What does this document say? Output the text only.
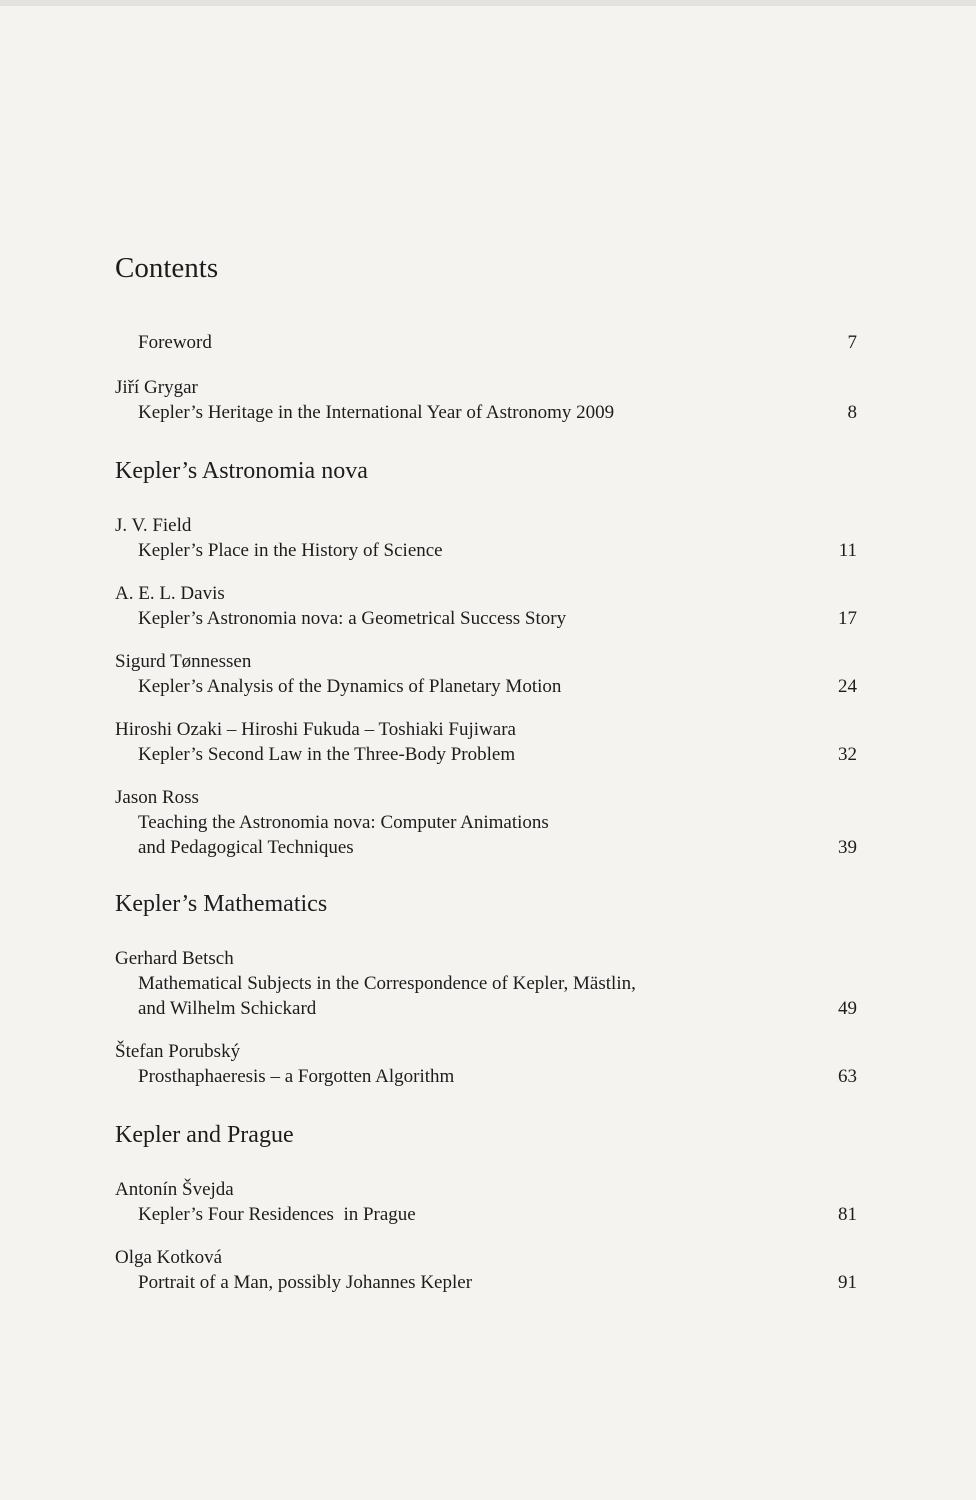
Contents
Foreword	7
Jiří Grygar
Kepler’s Heritage in the International Year of Astronomy 2009	8
Kepler’s Astronomia nova
J. V. Field
Kepler’s Place in the History of Science	11
A. E. L. Davis
Kepler’s Astronomia nova: a Geometrical Success Story	17
Sigurd Tønnessen
Kepler’s Analysis of the Dynamics of Planetary Motion	24
Hiroshi Ozaki – Hiroshi Fukuda – Toshiaki Fujiwara
Kepler’s Second Law in the Three-Body Problem	32
Jason Ross
Teaching the Astronomia nova: Computer Animations
and Pedagogical Techniques	39
Kepler’s Mathematics
Gerhard Betsch
Mathematical Subjects in the Correspondence of Kepler, Mästlin,
and Wilhelm Schickard	49
Štefan Porubský
Prosthaphaeresis – a Forgotten Algorithm	63
Kepler and Prague
Antonín Švejda
Kepler’s Four Residences  in Prague	81
Olga Kotková
Portrait of a Man, possibly Johannes Kepler	91
